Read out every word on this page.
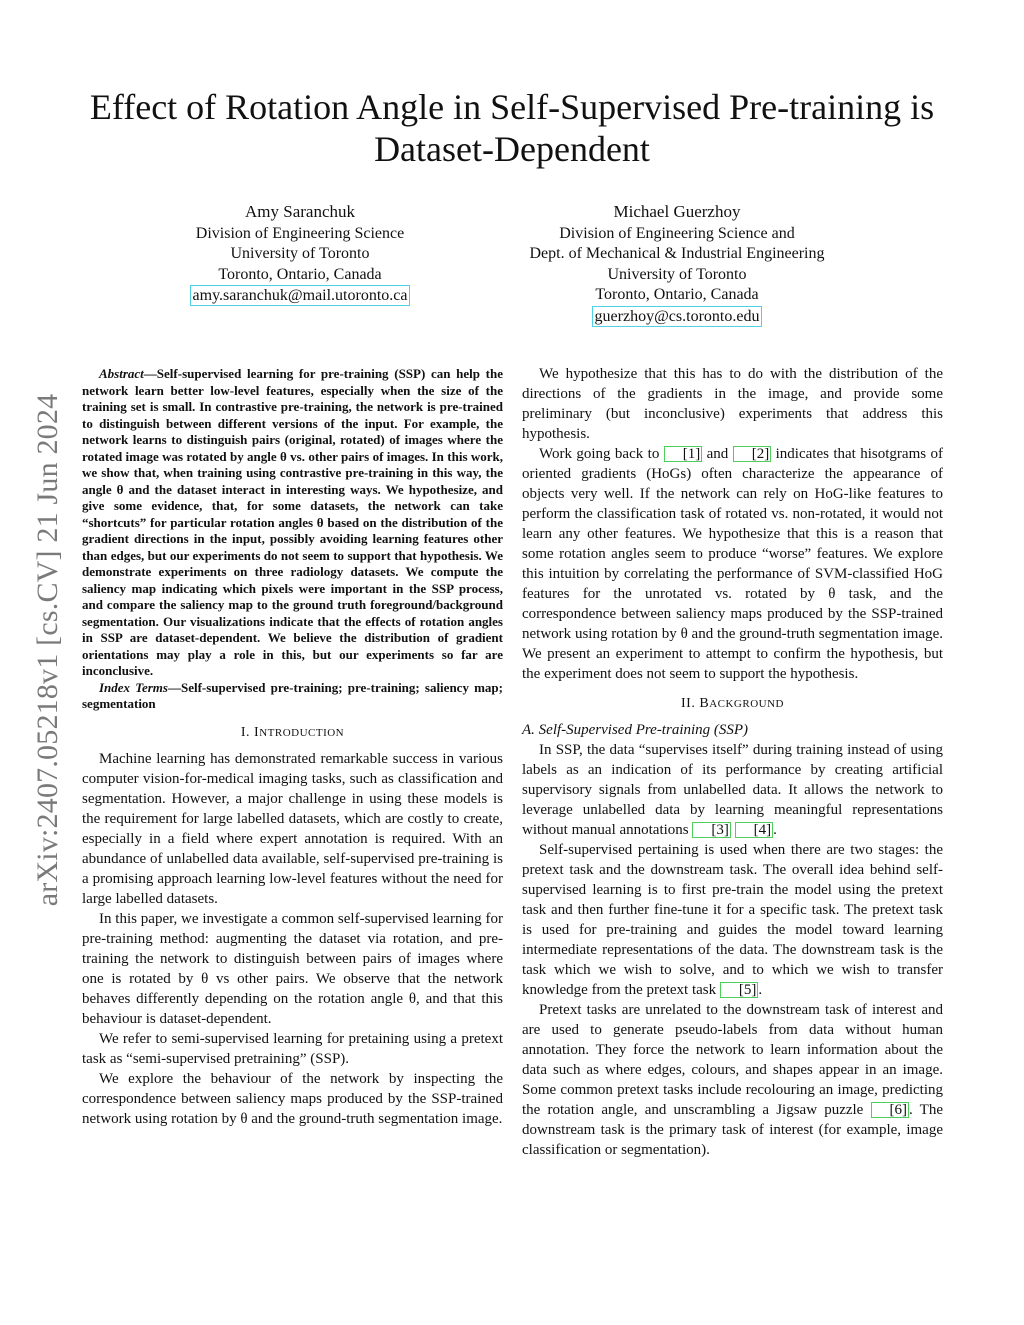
Effect of Rotation Angle in Self-Supervised Pre-training is Dataset-Dependent
Amy Saranchuk
Division of Engineering Science
University of Toronto
Toronto, Ontario, Canada
amy.saranchuk@mail.utoronto.ca
Michael Guerzhoy
Division of Engineering Science and
Dept. of Mechanical & Industrial Engineering
University of Toronto
Toronto, Ontario, Canada
guerzhoy@cs.toronto.edu
arXiv:2407.05218v1 [cs.CV] 21 Jun 2024

Abstract—Self-supervised learning for pre-training (SSP) can help the network learn better low-level features, especially when the size of the training set is small. In contrastive pre-training, the network is pre-trained to distinguish between different versions of the input. For example, the network learns to distinguish pairs (original, rotated) of images where the rotated image was rotated by angle θ vs. other pairs of images. In this work, we show that, when training using contrastive pre-training in this way, the angle θ and the dataset interact in interesting ways. We hypothesize, and give some evidence, that, for some datasets, the network can take “shortcuts” for particular rotation angles θ based on the distribution of the gradient directions in the input, possibly avoiding learning features other than edges, but our experiments do not seem to support that hypothesis. We demonstrate experiments on three radiology datasets. We compute the saliency map indicating which pixels were important in the SSP process, and compare the saliency map to the ground truth foreground/background segmentation. Our visualizations indicate that the effects of rotation angles in SSP are dataset-dependent. We believe the distribution of gradient orientations may play a role in this, but our experiments so far are inconclusive.

Index Terms—Self-supervised pre-training; pre-training; saliency map; segmentation

I. INTRODUCTION

Machine learning has demonstrated remarkable success in various computer vision-for-medical imaging tasks, such as classification and segmentation. However, a major challenge in using these models is the requirement for large labelled datasets, which are costly to create, especially in a field where expert annotation is required. With an abundance of unlabelled data available, self-supervised pre-training is a promising approach learning low-level features without the need for large labelled datasets.

In this paper, we investigate a common self-supervised learning for pre-training method: augmenting the dataset via rotation, and pre-training the network to distinguish between pairs of images where one is rotated by θ vs other pairs. We observe that the network behaves differently depending on the rotation angle θ, and that this behaviour is dataset-dependent.

We refer to semi-supervised learning for pretaining using a pretext task as “semi-supervised pretraining” (SSP).

We explore the behaviour of the network by inspecting the correspondence between saliency maps produced by the SSP-trained network using rotation by θ and the ground-truth segmentation image.

We hypothesize that this has to do with the distribution of the directions of the gradients in the image, and provide some preliminary (but inconclusive) experiments that address this hypothesis.

Work going back to [1] and [2] indicates that hisotgrams of oriented gradients (HoGs) often characterize the appearance of objects very well. If the network can rely on HoG-like features to perform the classification task of rotated vs. non-rotated, it would not learn any other features. We hypothesize that this is a reason that some rotation angles seem to produce “worse” features. We explore this intuition by correlating the performance of SVM-classified HoG features for the unrotated vs. rotated by θ task, and the correspondence between saliency maps produced by the SSP-trained network using rotation by θ and the ground-truth segmentation image. We present an experiment to attempt to confirm the hypothesis, but the experiment does not seem to support the hypothesis.

II. BACKGROUND

A. Self-Supervised Pre-training (SSP)

In SSP, the data “supervises itself” during training instead of using labels as an indication of its performance by creating artificial supervisory signals from unlabelled data. It allows the network to leverage unlabelled data by learning meaningful representations without manual annotations [3] [4] .

Self-supervised pertaining is used when there are two stages: the pretext task and the downstream task. The overall idea behind self-supervised learning is to first pre-train the model using the pretext task and then further fine-tune it for a specific task. The pretext task is used for pre-training and guides the model toward learning intermediate representations of the data. The downstream task is the task which we wish to solve, and to which we wish to transfer knowledge from the pretext task [5] .

Pretext tasks are unrelated to the downstream task of interest and are used to generate pseudo-labels from data without human annotation. They force the network to learn information about the data such as where edges, colours, and shapes appear in an image. Some common pretext tasks include recolouring an image, predicting the rotation angle, and unscrambling a Jigsaw puzzle [6] . The downstream task is the primary task of interest (for example, image classification or segmentation).
